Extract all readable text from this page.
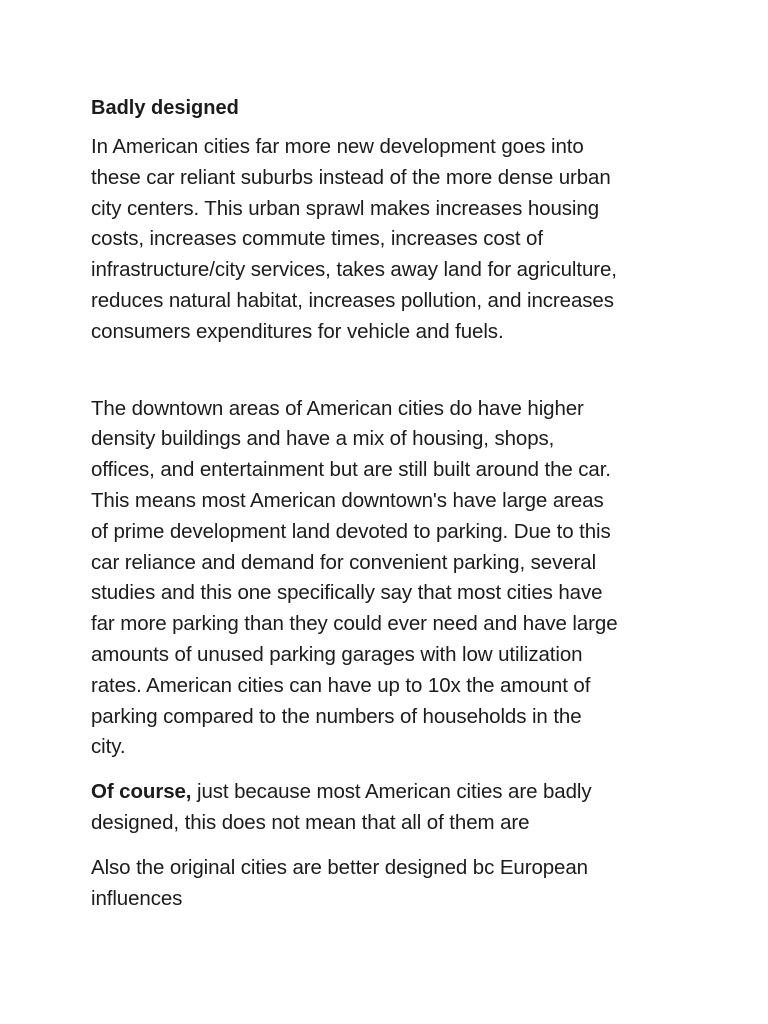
Badly designed

In American cities far more new development goes into
these car reliant suburbs instead of the more dense urban
city centers. This urban sprawl makes increases housing
costs, increases commute times, increases cost of
infrastructure/city services, takes away land for agriculture,
reduces natural habitat, increases pollution, and increases
consumers expenditures for vehicle and fuels.

The downtown areas of American cities do have higher
density buildings and have a mix of housing, shops,
offices, and entertainment but are still built around the car.
This means most American downtown's have large areas
of prime development land devoted to parking. Due to this
car reliance and demand for convenient parking, several
studies and this one specifically say that most cities have
far more parking than they could ever need and have large
amounts of unused parking garages with low utilization
rates. American cities can have up to 10x the amount of
parking compared to the numbers of households in the
city.

Of course, just because most American cities are badly
designed, this does not mean that all of them are

Also the original cities are better designed bc European
influences
